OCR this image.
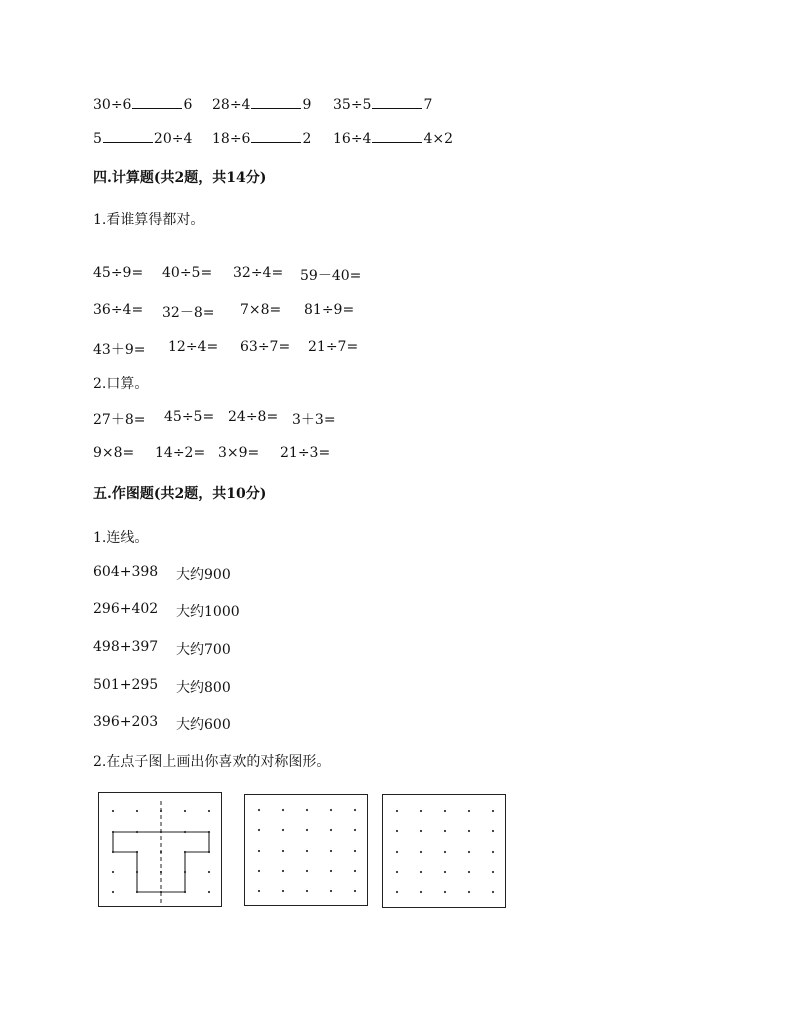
30÷6	6 28÷4	9 35÷5	7
5	20÷4 18÷6	2 16÷4	4×2
四.计算题(共2题，共14分)
1.看谁算得都对。
45÷9= 40÷5= 32÷4= 59－40=
36÷4= 32－8= 7×8= 81÷9=
43＋9= 12÷4= 63÷7= 21÷7=
2.口算。
27＋8= 45÷5= 24÷8= 3＋3=
9×8= 14÷2= 3×9= 21÷3=
五.作图题(共2题，共10分)
1.连线。
604+398 大约900
296+402 大约1000
498+397 大约700
501+295 大约800
396+203 大约600
2.在点子图上画出你喜欢的对称图形。
